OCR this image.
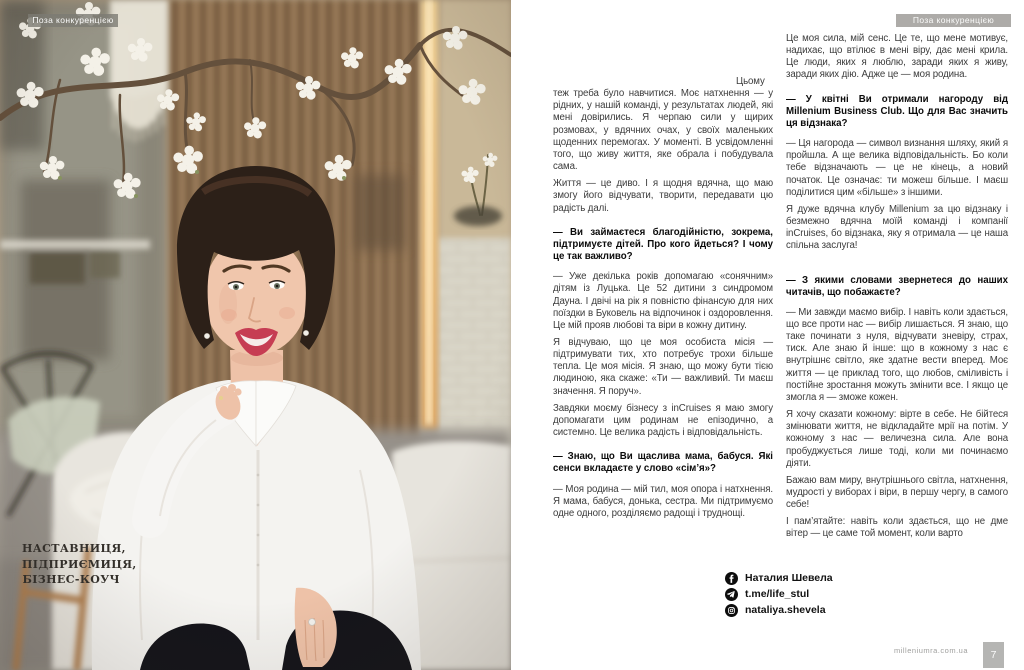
НАСТАВНИЦЯ,
ПІДПРИЄМИЦЯ,
БІЗНЕС-КОУЧ
Поза конкуренцією	Поза конкуренцією

Цьому теж треба було навчитися. Моє натхнення — у рідних, у нашій команді, у результатах людей, які мені довірились. Я черпаю сили у щирих розмовах, у вдячних очах, у своїх маленьких щоденних перемогах. У моменті. В усвідомленні того, що живу життя, яке обрала і побудувала сама.

Життя — це диво. І я щодня вдячна, що маю змогу його відчувати, творити, передавати цю радість далі.

— Ви займаєтеся благодійністю, зокрема, підтримуєте дітей. Про кого йдеться? І чому це так важливо?

— Уже декілька років допомагаю «сонячним» дітям із Луцька. Це 52 дитини з синдромом Дауна. І двічі на рік я повністю фінансую для них поїздки в Буковель на відпочинок і оздоровлення. Це мій прояв любові та віри в кожну дитину.

Я відчуваю, що це моя особиста місія — підтримувати тих, хто потребує трохи більше тепла. Це моя місія. Я знаю, що можу бути тією людиною, яка скаже: «Ти — важливий. Ти маєш значення. Я поруч».

Завдяки моєму бізнесу з inCruises я маю змогу допомагати цим родинам не епізодично, а системно. Це велика радість і відповідальність.

— Знаю, що Ви щаслива мама, бабуся. Які сенси вкладаєте у слово «сім’я»?

— Моя родина — мій тил, моя опора і натхнення. Я мама, бабуся, донька, сестра. Ми підтримуємо одне одного, розділяємо радощі і труднощі.

Це моя сила, мій сенс. Це те, що мене мотивує, надихає, що втілює в мені віру, дає мені крила. Це люди, яких я люблю, заради яких я живу, заради яких дію. Адже це — моя родина.

— У квітні Ви отримали нагороду від Millenium Business Club. Що для Вас значить ця відзнака?

— Ця нагорода — символ визнання шляху, який я пройшла. А ще велика відповідальність. Бо коли тебе відзначають — це не кінець, а новий початок. Це означає: ти можеш більше. І маєш поділитися цим «більше» з іншими.

Я дуже вдячна клубу Millenium за цю відзнаку і безмежно вдячна моїй команді і компанії inCruises, бо відзнака, яку я отримала — це наша спільна заслуга!

— З якими словами звернетеся до наших читачів, що побажаєте?

— Ми завжди маємо вибір. І навіть коли здається, що все проти нас — вибір лишається. Я знаю, що таке починати з нуля, відчувати зневіру, страх, тиск. Але знаю й інше: що в кожному з нас є внутрішнє світло, яке здатне вести вперед. Моє життя — це приклад того, що любов, сміливість і постійне зростання можуть змінити все. І якщо це змогла я — зможе кожен.

Я хочу сказати кожному: вірте в себе. Не бійтеся змінювати життя, не відкладайте мрії на потім. У кожному з нас — величезна сила. Але вона пробуджується лише тоді, коли ми починаємо діяти.

Бажаю вам миру, внутрішнього світла, натхнення, мудрості у виборах і віри, в першу чергу, в самого себе!

І пам’ятайте: навіть коли здається, що не дме вітер — це саме той момент, коли варто

Наталия Шевела
t.me/life_stul
nataliya.shevela
milleniumra.com.ua	7
